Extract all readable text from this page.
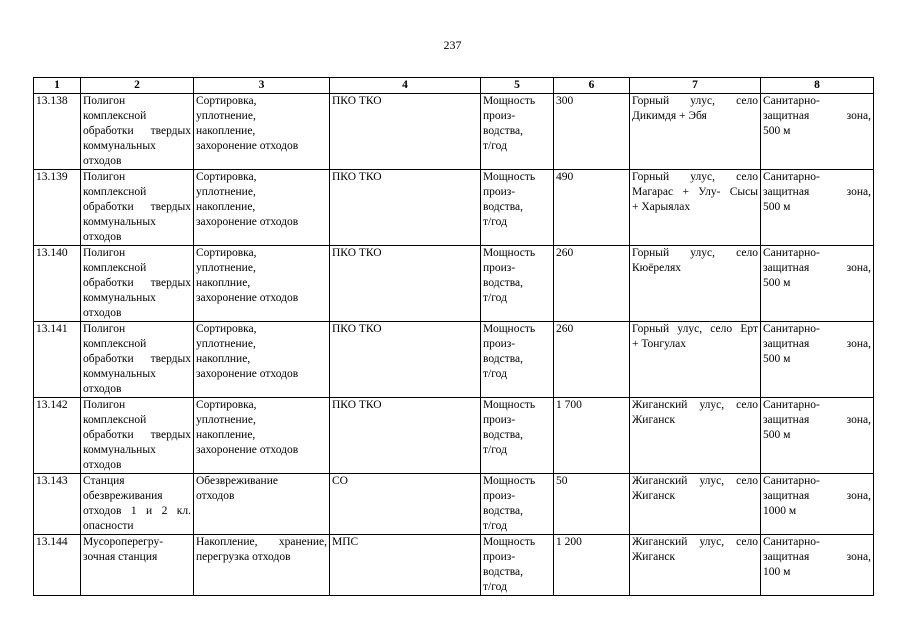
237
1	2	3	4	5	6	7	8
13.138	Полигон
комплексной
обработки твердых
коммунальных
отходов	Сортировка,
уплотнение,
накопление,
захоронение отходов	ПКО ТКО	Мощность
произ-
водства,
т/год	300	Горный улус, село
Дикимдя + Эбя	Санитарно-
защитная зона,
500 м

13.139	Полигон
комплексной
обработки твердых
коммунальных
отходов	Сортировка,
уплотнение,
накопление,
захоронение отходов	ПКО ТКО	Мощность
произ-
водства,
т/год	490	Горный улус, село
Магарас + Улу- Сысы
+ Харыялах	Санитарно-
защитная зона,
500 м

13.140	Полигон
комплексной
обработки твердых
коммунальных
отходов	Сортировка,
уплотнение,
накоплние,
захоронение отходов	ПКО ТКО	Мощность
произ-
водства,
т/год	260	Горный улус, село
Кюёрелях	Санитарно-
защитная зона,
500 м

13.141	Полигон
комплексной
обработки твердых
коммунальных
отходов	Сортировка,
уплотнение,
накоплние,
захоронение отходов	ПКО ТКО	Мощность
произ-
водства,
т/год	260	Горный улус, село Ерт
+ Тонгулах	Санитарно-
защитная зона,
500 м

13.142	Полигон
комплексной
обработки твердых
коммунальных
отходов	Сортировка,
уплотнение,
накопление,
захоронение отходов	ПКО ТКО	Мощность
произ-
водства,
т/год	1 700	Жиганский улус, село
Жиганск	Санитарно-
защитная зона,
500 м

13.143	Станция
обезвреживания
отходов 1 и 2 кл.
опасности	Обезвреживание
отходов	СО	Мощность
произ-
водства,
т/год	50	Жиганский улус, село
Жиганск	Санитарно-
защитная зона,
1000 м

13.144	Мусороперегру-
зочная станция	Накопление, хранение,
перегрузка отходов	МПС	Мощность
произ-
водства,
т/год	1 200	Жиганский улус, село
Жиганск	Санитарно-
защитная зона,
100 м
